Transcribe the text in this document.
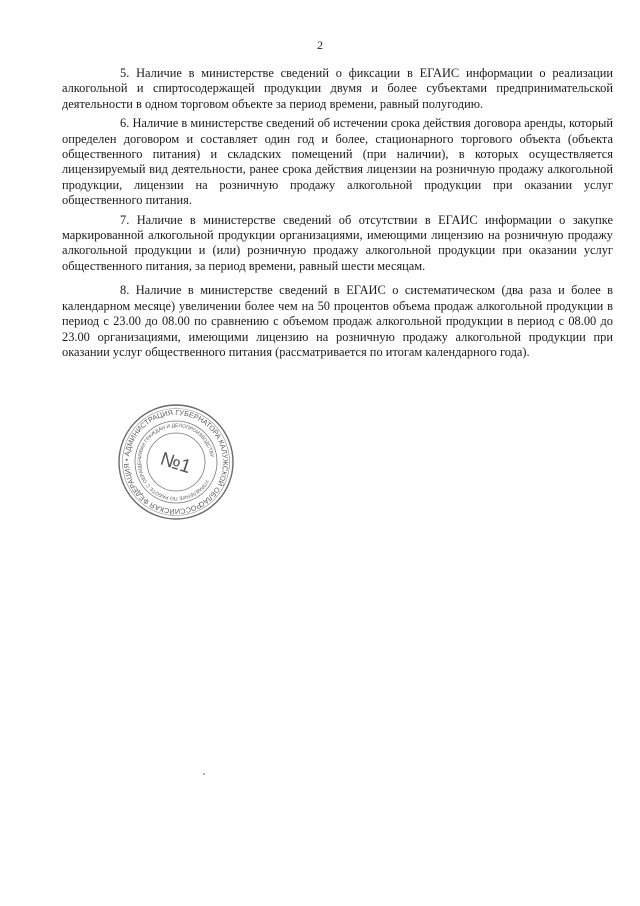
2

5. Наличие в министерстве сведений о фиксации в ЕГАИС информации о реализации алкогольной и спиртосодержащей продукции двумя и более субъектами предпринимательской деятельности в одном торговом объекте за период времени, равный полугодию.

6. Наличие в министерстве сведений об истечении срока действия договора аренды, который определен договором и составляет один год и более, стационарного торгового объекта (объекта общественного питания) и складских помещений (при наличии), в которых осуществляется лицензируемый вид деятельности, ранее срока действия лицензии на розничную продажу алкогольной продукции, лицензии на розничную продажу алкогольной продукции при оказании услуг общественного питания.

7. Наличие в министерстве сведений об отсутствии в ЕГАИС информации о закупке маркированной алкогольной продукции организациями, имеющими лицензию на розничную продажу алкогольной продукции и (или) розничную продажу алкогольной продукции при оказании услуг общественного питания, за период времени, равный шести месяцам.

8. Наличие в министерстве сведений в ЕГАИС о систематическом (два раза и более в календарном месяце) увеличении более чем на 50 процентов объема продаж алкогольной продукции в период с 23.00 до 08.00 по сравнению с объемом продаж алкогольной продукции в период с 08.00 до 23.00 организациями, имеющими лицензию на розничную продажу алкогольной продукции при оказании услуг общественного питания (рассматривается по итогам календарного года).

РОССИЙСКАЯ ФЕДЕРАЦИЯ • АДМИНИСТРАЦИЯ ГУБЕРНАТОРА КАЛУЖСКОЙ ОБЛАСТИ
УПРАВЛЕНИЕ ПО РАБОТЕ С ОБРАЩЕНИЯМИ ГРАЖДАН И ДЕЛОПРОИЗВОДСТВУ
№1
